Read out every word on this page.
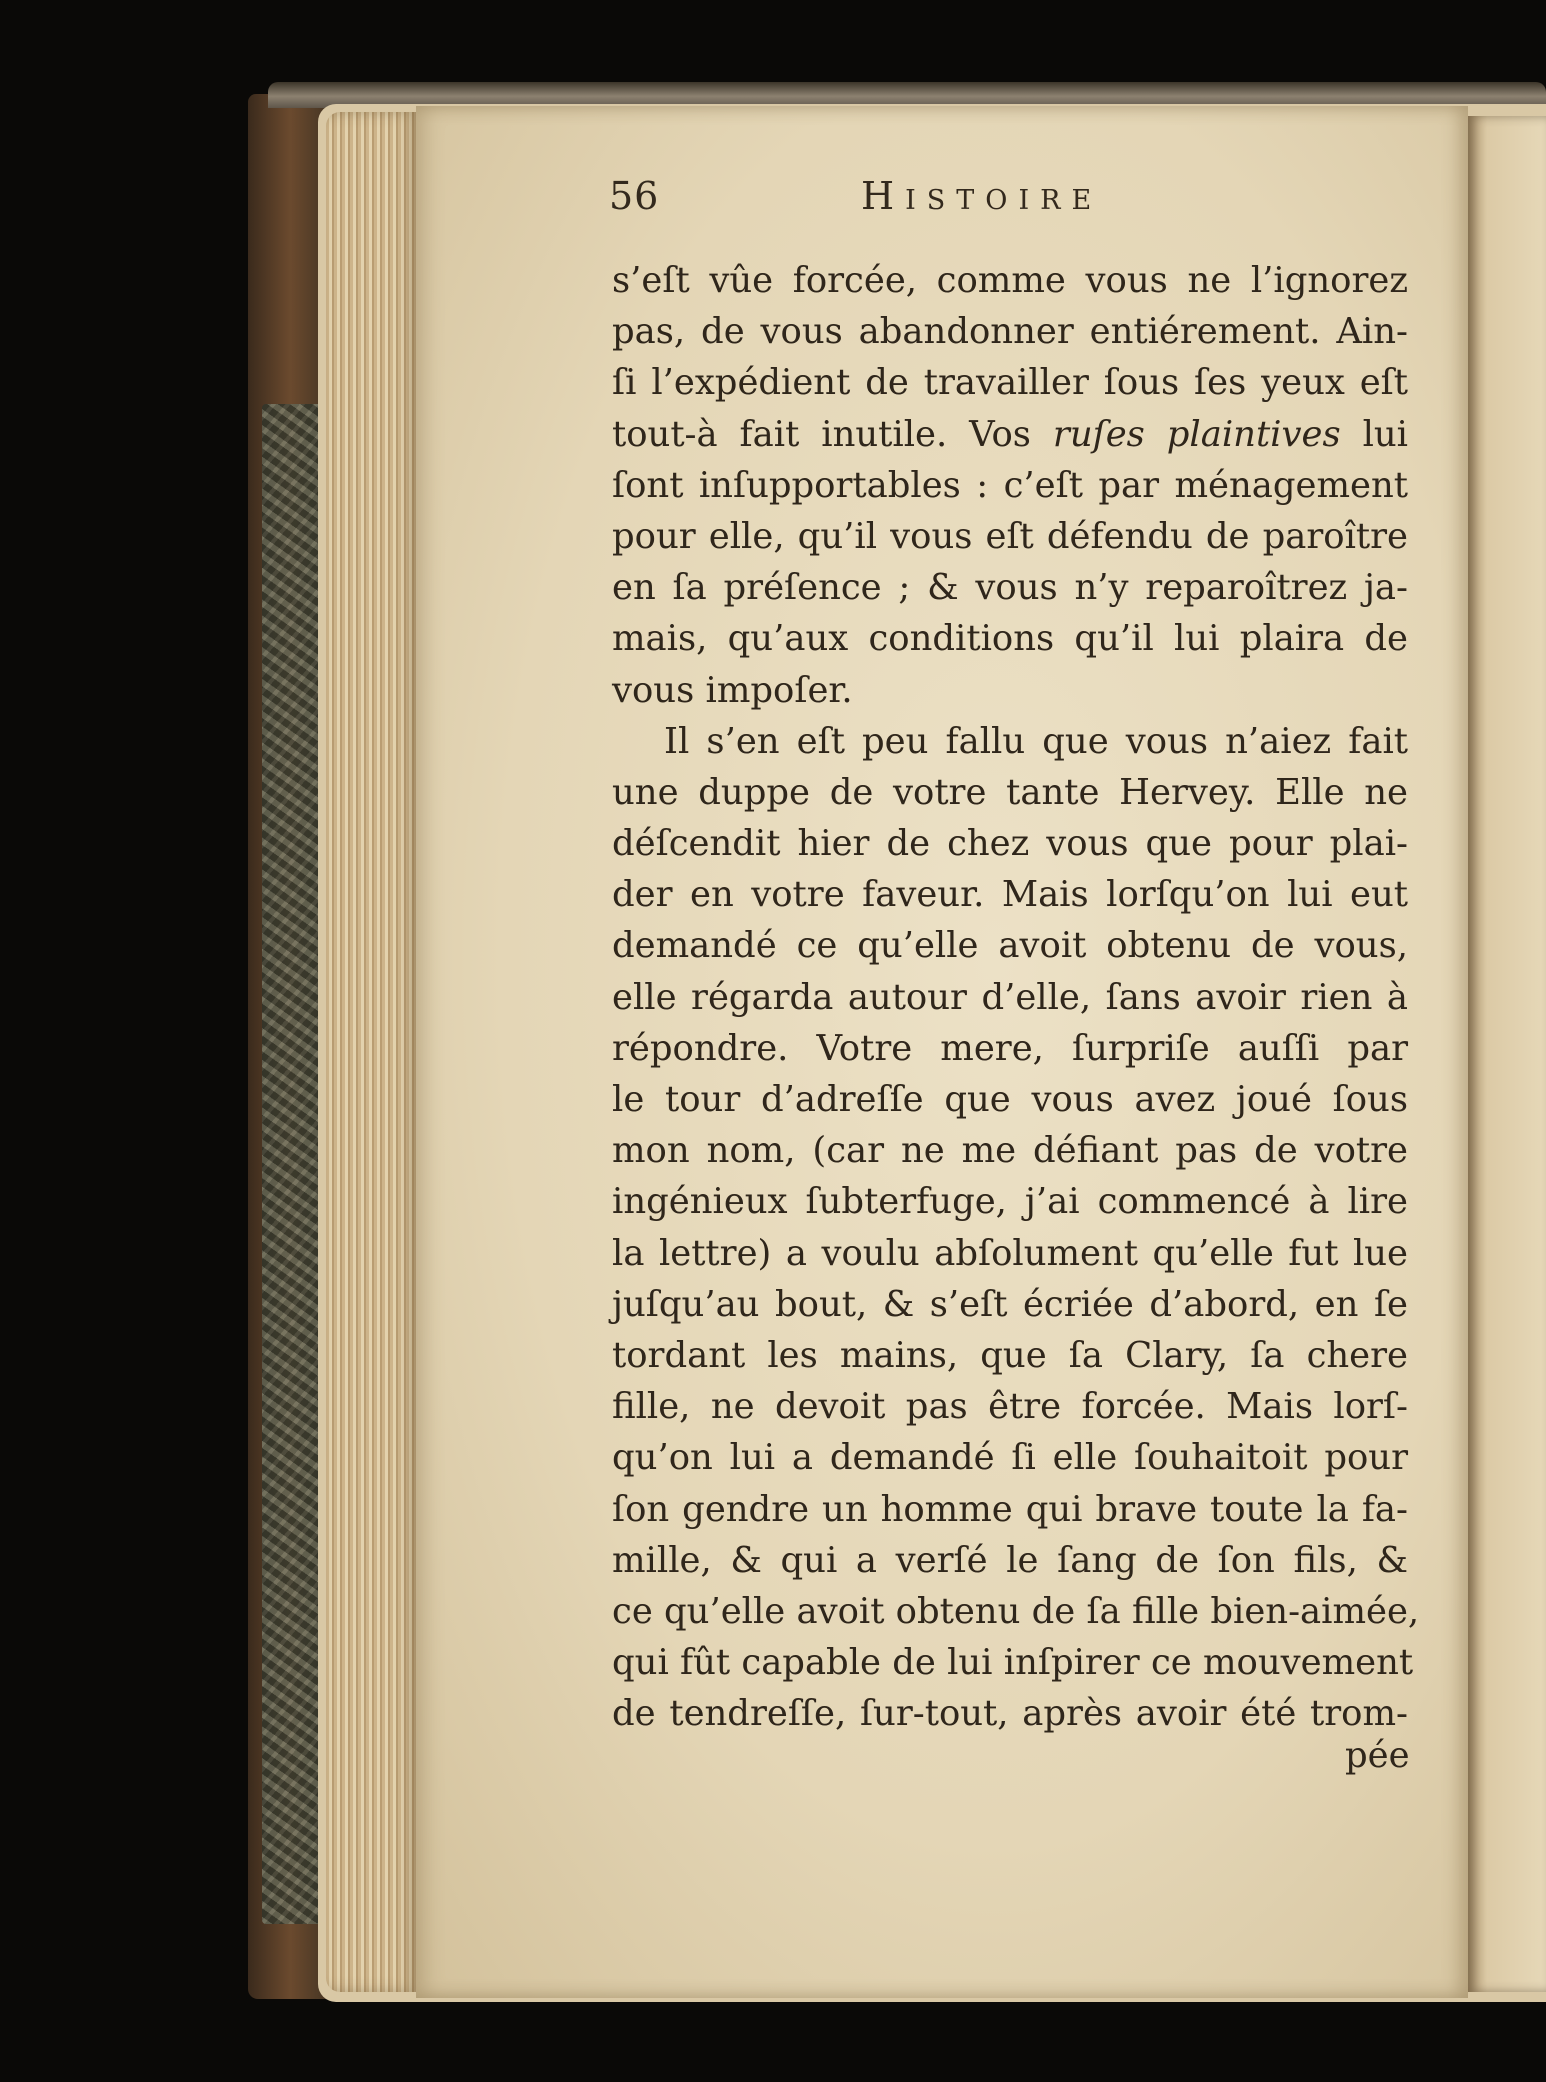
56	Histoire
s’eſt vûe forcée, comme vous ne l’ignorez
pas, de vous abandonner entiérement. Ain-
ſi l’expédient de travailler ſous ſes yeux eſt
tout-à fait inutile. Vos ruſes plaintives lui
ſont inſupportables : c’eſt par ménagement
pour elle, qu’il vous eſt défendu de paroître
en ſa préſence ; & vous n’y reparoîtrez ja-
mais, qu’aux conditions qu’il lui plaira de
vous impoſer.
Il s’en eſt peu fallu que vous n’aiez fait
une duppe de votre tante Hervey. Elle ne
déſcendit hier de chez vous que pour plai-
der en votre faveur. Mais lorſqu’on lui eut
demandé ce qu’elle avoit obtenu de vous,
elle régarda autour d’elle, ſans avoir rien à
répondre. Votre mere, ſurpriſe auſſi par
le tour d’adreſſe que vous avez joué ſous
mon nom, (car ne me défiant pas de votre
ingénieux ſubterfuge, j’ai commencé à lire
la lettre) a voulu abſolument qu’elle fut lue
juſqu’au bout, & s’eſt écriée d’abord, en ſe
tordant les mains, que ſa Clary, ſa chere
fille, ne devoit pas être forcée. Mais lorſ-
qu’on lui a demandé ſi elle ſouhaitoit pour
ſon gendre un homme qui brave toute la fa-
mille, & qui a verſé le ſang de ſon fils, &
ce qu’elle avoit obtenu de ſa fille bien-aimée,
qui fût capable de lui inſpirer ce mouvement
de tendreſſe, ſur-tout, après avoir été trom-
pée
